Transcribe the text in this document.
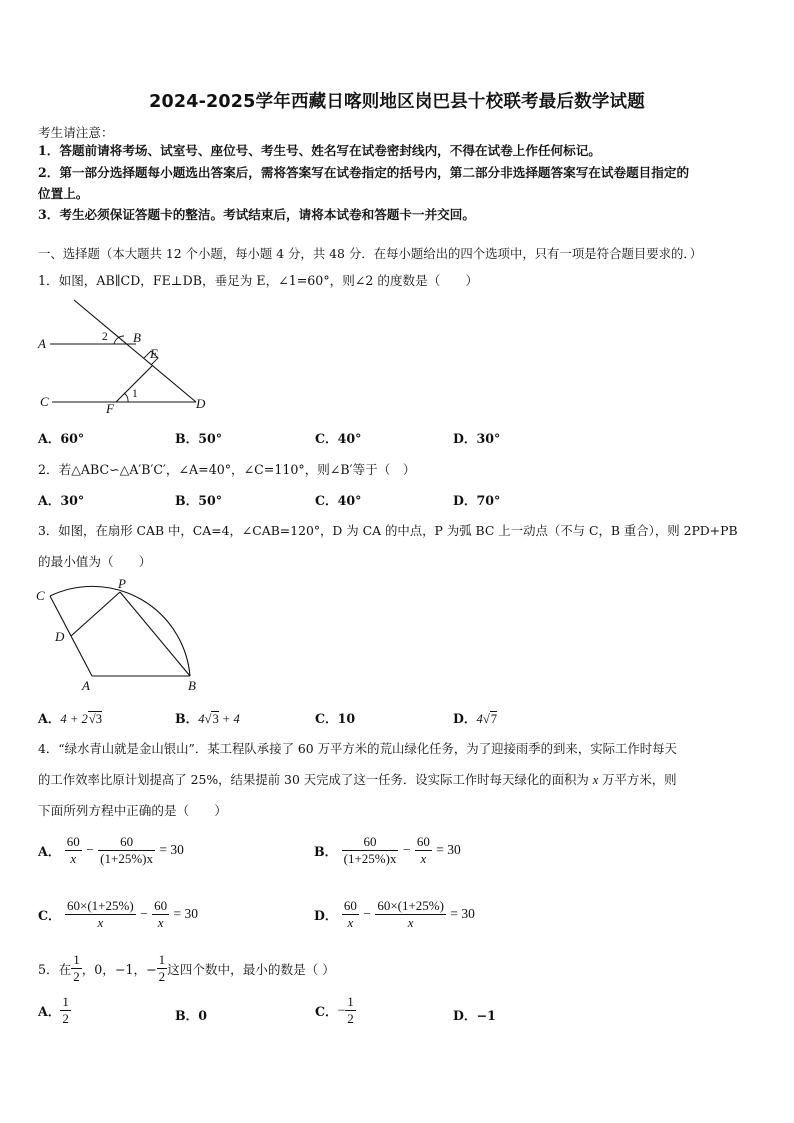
2024-2025学年西藏日喀则地区岗巴县十校联考最后数学试题
考生请注意：
1．答题前请将考场、试室号、座位号、考生号、姓名写在试卷密封线内，不得在试卷上作任何标记。
2．第一部分选择题每小题选出答案后，需将答案写在试卷指定的括号内，第二部分非选择题答案写在试卷题目指定的
位置上。
3．考生必须保证答题卡的整洁。考试结束后，请将本试卷和答题卡一并交回。
一、选择题（本大题共 12 个小题，每小题 4 分，共 48 分．在每小题给出的四个选项中，只有一项是符合题目要求的．）
1．如图，AB∥CD，FE⊥DB，垂足为 E，∠1=60°，则∠2 的度数是（　　）
A	2 B
E
1
C	F	D
A．60°	B．50°	C．40°	D．30°
2．若△ABC∽△A′B′C′，∠A=40°，∠C=110°，则∠B′等于（　）
A．30°	B．50°	C．40°	D．70°
3．如图，在扇形 CAB 中，CA=4，∠CAB=120°，D 为 CA 的中点，P 为弧 BC 上一动点（不与 C，B 重合），则 2PD+PB
的最小值为（　　）
C
P
D
A	B
A．4 + 2√3	B．4√3 + 4	C．10	D．4√7
4．“绿水青山就是金山银山”．某工程队承接了 60 万平方米的荒山绿化任务，为了迎接雨季的到来，实际工作时每天
的工作效率比原计划提高了 25%，结果提前 30 天完成了这一任务．设实际工作时每天绿化的面积为 x 万平方米，则
下面所列方程中正确的是（　　）
A． $\frac{60}{x} - \frac{60}{(1+25\%)x} = 30$	B． $\frac{60}{(1+25\%)x} - \frac{60}{x} = 30$
C． $\frac{60\times(1+25\%)}{x} - \frac{60}{x} = 30$	D． $\frac{60}{x} - \frac{60\times(1+25\%)}{x} = 30$
5．在 $\frac{1}{2}$ ，0，−1，− $\frac{1}{2}$ 这四个数中，最小的数是（ ）
A． $\frac{1}{2}$	B．0	C．− $\frac{1}{2}$	D．−1
